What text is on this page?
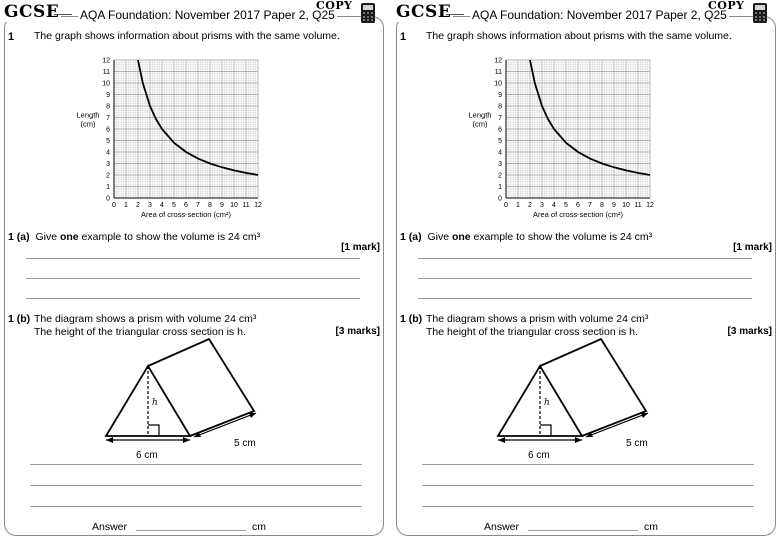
GCSE AQA Foundation: November 2017 Paper 2, Q25
COPY
1 The graph shows information about prisms with the same volume.
0 1 2 3 4 5 6 7 8 9 10 11 12
0
1
2
3
4
5
6
7
8
9
10
11
12
Area of cross-section (cm²)
Length
(cm)
1 (a) Give one example to show the volume is 24 cm³
[1 mark]
1 (b) The diagram shows a prism with volume 24 cm³
The height of the triangular cross section is h.	[3 marks]
h
6 cm
5 cm
Answer	cm
GCSE AQA Foundation: November 2017 Paper 2, Q25
COPY
1 The graph shows information about prisms with the same volume.
0 1 2 3 4 5 6 7 8 9 10 11 12
0
1
2
3
4
5
6
7
8
9
10
11
12
Area of cross-section (cm²)
Length
(cm)
1 (a) Give one example to show the volume is 24 cm³
[1 mark]
1 (b) The diagram shows a prism with volume 24 cm³
The height of the triangular cross section is h.	[3 marks]
h
6 cm
5 cm
Answer	cm
